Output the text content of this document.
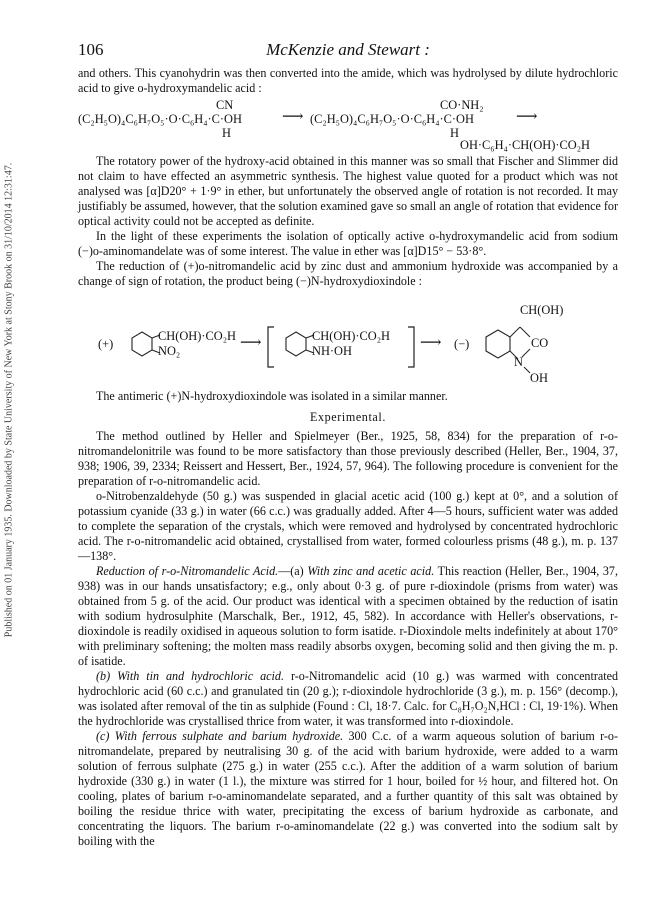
Published on 01 January 1935. Downloaded by State University of New York at Stony Brook on 31/10/2014 12:31:47.
106	McKenzie and Stewart :

and others. This cyanohydrin was then converted into the amide, which was hydrolysed by dilute hydrochloric acid to give o-hydroxymandelic acid :

CN
(C₂H₅O)₄C₆H₇O₅·O·C₆H₄·C·OH
H
⟶
CO·NH₂
(C₂H₅O)₄C₆H₇O₅·O·C₆H₄·C·OH
H
⟶
OH·C₆H₄·CH(OH)·CO₂H

The rotatory power of the hydroxy-acid obtained in this manner was so small that Fischer and Slimmer did not claim to have effected an asymmetric synthesis. The highest value quoted for a product which was not analysed was [α]D20° + 1·9° in ether, but unfortunately the observed angle of rotation is not recorded. It may justifiably be assumed, however, that the solution examined gave so small an angle of rotation that evidence for optical activity could not be accepted as definite.

In the light of these experiments the isolation of optically active o-hydroxymandelic acid from sodium (−)o-aminomandelate was of some interest. The value in ether was [α]D15° − 53·8°.

The reduction of (+)o-nitromandelic acid by zinc dust and ammonium hydroxide was accompanied by a change of sign of rotation, the product being (−)N-hydroxydioxindole :

(+)
CH(OH)·CO₂H
NO₂	⟶	CH(OH)·CO₂H
NH·OH	⟶ (−)
CH(OH)
CO
N
OH

The antimeric (+)N-hydroxydioxindole was isolated in a similar manner.

Experimental.

The method outlined by Heller and Spielmeyer (Ber., 1925, 58, 834) for the preparation of r-o-nitromandelonitrile was found to be more satisfactory than those previously described (Heller, Ber., 1904, 37, 938; 1906, 39, 2334; Reissert and Hessert, Ber., 1924, 57, 964). The following procedure is convenient for the preparation of r-o-nitromandelic acid.

o-Nitrobenzaldehyde (50 g.) was suspended in glacial acetic acid (100 g.) kept at 0°, and a solution of potassium cyanide (33 g.) in water (66 c.c.) was gradually added. After 4—5 hours, sufficient water was added to complete the separation of the crystals, which were removed and hydrolysed by concentrated hydrochloric acid. The r-o-nitromandelic acid obtained, crystallised from water, formed colourless prisms (48 g.), m. p. 137—138°.

Reduction of r-o-Nitromandelic Acid.—(a) With zinc and acetic acid. This reaction (Heller, Ber., 1904, 37, 938) was in our hands unsatisfactory; e.g., only about 0·3 g. of pure r-dioxindole (prisms from water) was obtained from 5 g. of the acid. Our product was identical with a specimen obtained by the reduction of isatin with sodium hydrosulphite (Marschalk, Ber., 1912, 45, 582). In accordance with Heller's observations, r-dioxindole is readily oxidised in aqueous solution to form isatide. r-Dioxindole melts indefinitely at about 170° with preliminary softening; the molten mass readily absorbs oxygen, becoming solid and then giving the m. p. of isatide.

(b) With tin and hydrochloric acid. r-o-Nitromandelic acid (10 g.) was warmed with concentrated hydrochloric acid (60 c.c.) and granulated tin (20 g.); r-dioxindole hydrochloride (3 g.), m. p. 156° (decomp.), was isolated after removal of the tin as sulphide (Found : Cl, 18·7. Calc. for C₈H₇O₂N,HCl : Cl, 19·1%). When the hydrochloride was crystallised thrice from water, it was transformed into r-dioxindole.

(c) With ferrous sulphate and barium hydroxide. 300 C.c. of a warm aqueous solution of barium r-o-nitromandelate, prepared by neutralising 30 g. of the acid with barium hydroxide, were added to a warm solution of ferrous sulphate (275 g.) in water (255 c.c.). After the addition of a warm solution of barium hydroxide (330 g.) in water (1 l.), the mixture was stirred for 1 hour, boiled for ½ hour, and filtered hot. On cooling, plates of barium r-o-aminomandelate separated, and a further quantity of this salt was obtained by boiling the residue thrice with water, precipitating the excess of barium hydroxide as carbonate, and concentrating the liquors. The barium r-o-aminomandelate (22 g.) was converted into the sodium salt by boiling with the
